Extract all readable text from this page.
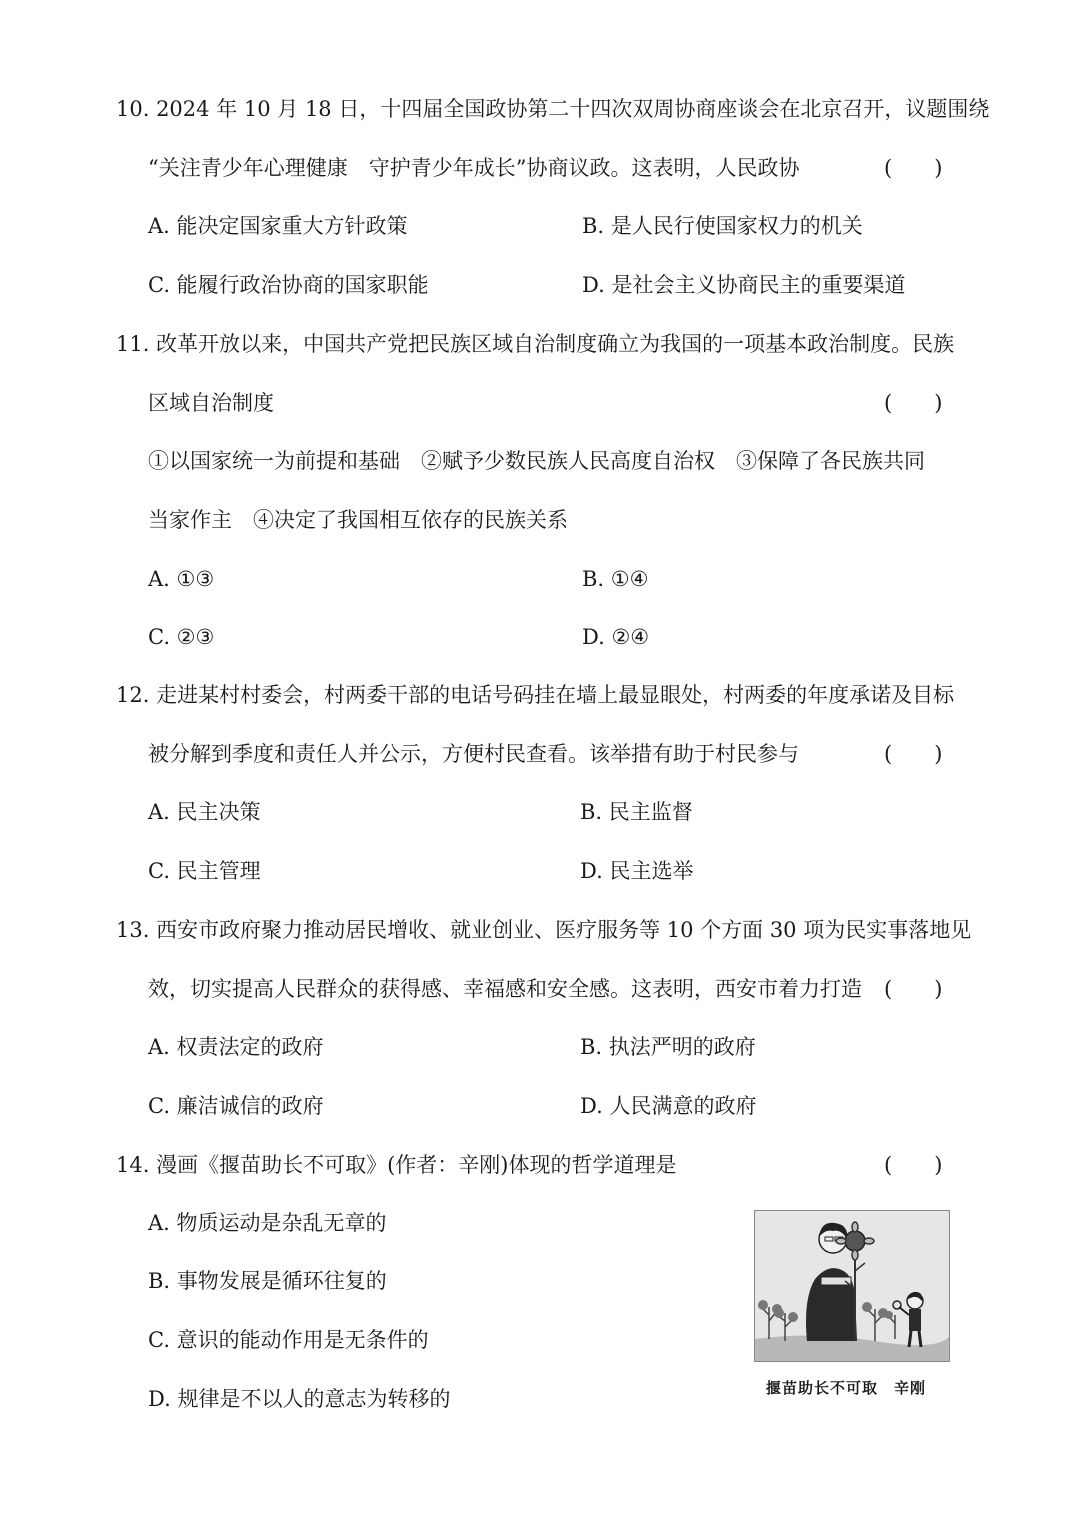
10. 2024 年 10 月 18 日，十四届全国政协第二十四次双周协商座谈会在北京召开，议题围绕
“关注青少年心理健康　守护青少年成长”协商议政。这表明，人民政协	(　　)
A. 能决定国家重大方针政策	B. 是人民行使国家权力的机关
C. 能履行政治协商的国家职能	D. 是社会主义协商民主的重要渠道
11. 改革开放以来，中国共产党把民族区域自治制度确立为我国的一项基本政治制度。民族
区域自治制度	(　　)
①以国家统一为前提和基础　②赋予少数民族人民高度自治权　③保障了各民族共同
当家作主　④决定了我国相互依存的民族关系
A. ①③	B. ①④
C. ②③	D. ②④
12. 走进某村村委会，村两委干部的电话号码挂在墙上最显眼处，村两委的年度承诺及目标
被分解到季度和责任人并公示，方便村民查看。该举措有助于村民参与	(　　)
A. 民主决策	B. 民主监督
C. 民主管理	D. 民主选举
13. 西安市政府聚力推动居民增收、就业创业、医疗服务等 10 个方面 30 项为民实事落地见
效，切实提高人民群众的获得感、幸福感和安全感。这表明，西安市着力打造 (　　)
A. 权责法定的政府	B. 执法严明的政府
C. 廉洁诚信的政府	D. 人民满意的政府
14. 漫画《揠苗助长不可取》(作者：辛刚)体现的哲学道理是	(　　)
A. 物质运动是杂乱无章的
B. 事物发展是循环往复的
C. 意识的能动作用是无条件的
D. 规律是不以人的意志为转移的	揠苗助长不可取　辛刚
